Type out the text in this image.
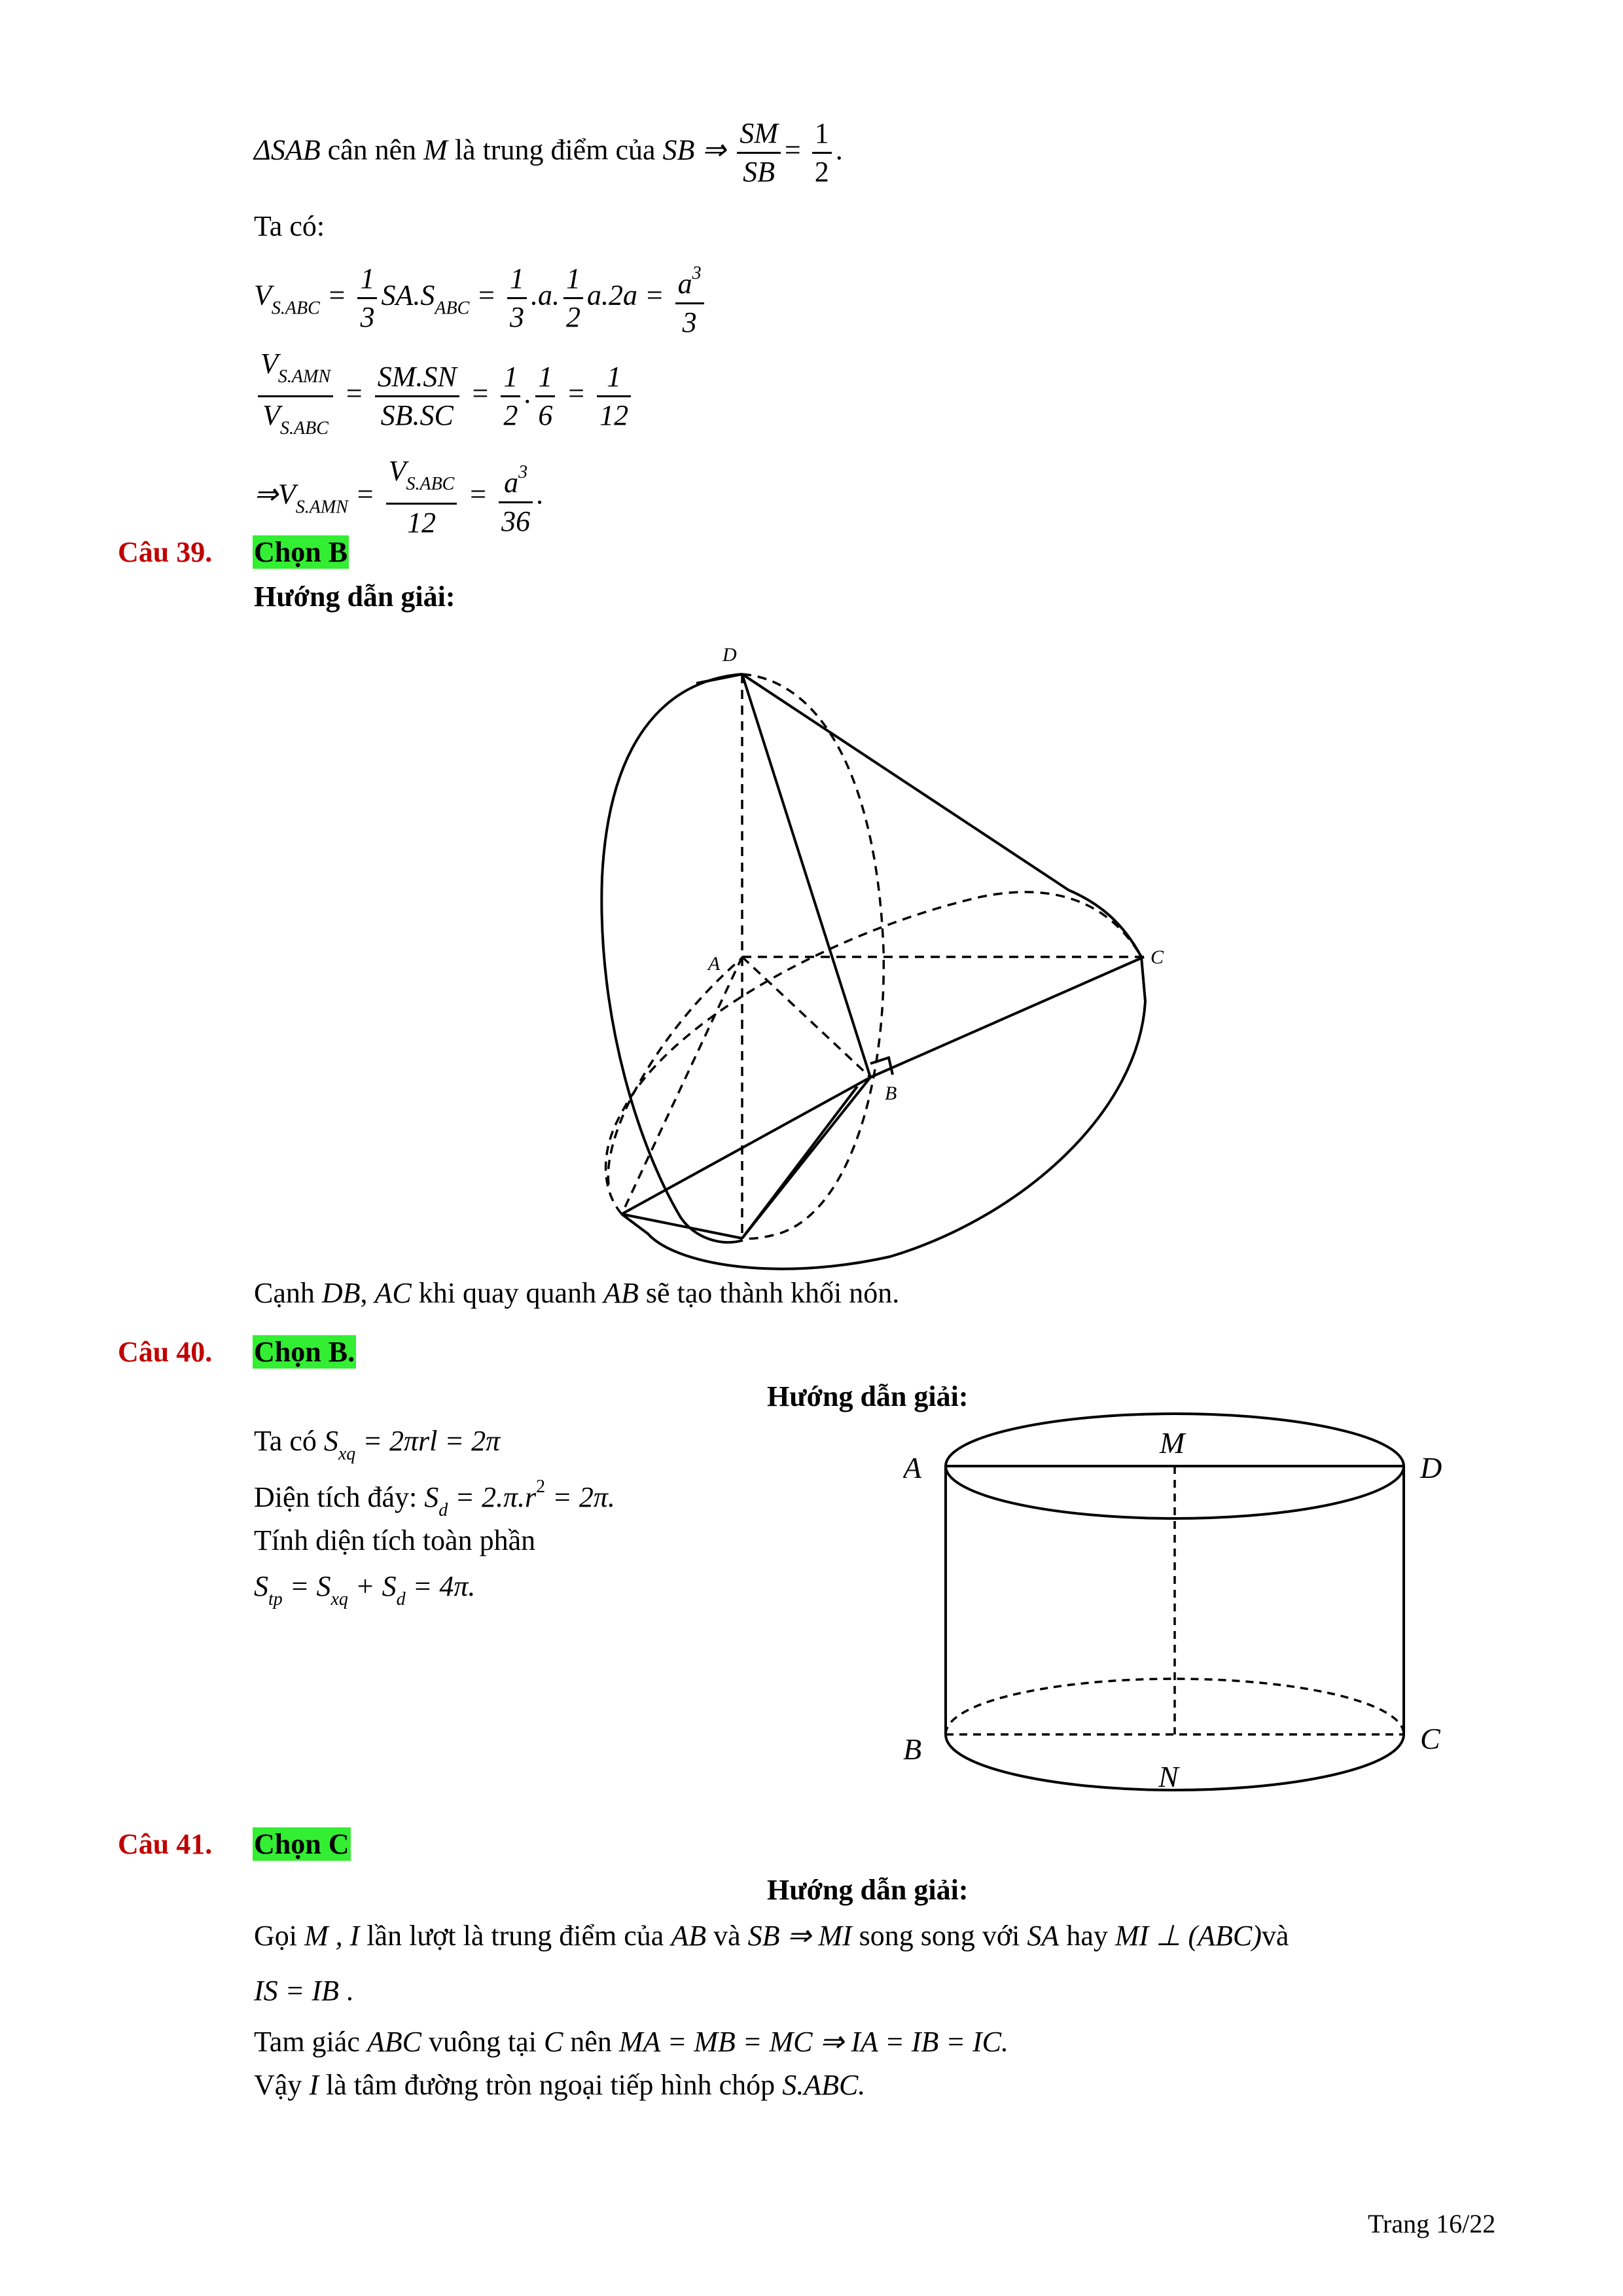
ΔSAB cân nên M là trung điểm của SB ⇒ $\frac{SM}{SB} = \frac{1}{2}$ .
Ta có:
$V_{S.ABC} = \frac{1}{3} SA.S_{ABC} = \frac{1}{3} .a$. $\frac{1}{2} a.2a = \frac{a^3}{3}$
$\frac{V_{S.AMN}}{V_{S.ABC}} = \frac{SM.SN}{SB.SC} = \frac{1}{2}$ . $\frac{1}{6} = \frac{1}{12}$
$\Rightarrow V_{S.AMN} = \frac{V_{S.ABC}}{12} = \frac{a^3}{36}$ .
Câu 39. Chọn B
Hướng dẫn giải:
D
A	C
B
Cạnh DB, AC khi quay quanh AB sẽ tạo thành khối nón.
Câu 40. Chọn B.
Hướng dẫn giải:
Ta có $S_{xq} = 2\pi rl = 2\pi$
Diện tích đáy: $S_d = 2.\pi.r^2 = 2\pi$.
Tính diện tích toàn phần
$S_{tp} = S_{xq} + S_d = 4\pi$.
M
A	D
B	C
N
Câu 41. Chọn C
Hướng dẫn giải:
Gọi M , I lần lượt là trung điểm của AB và SB ⇒ MI song song với SA hay MI ⊥ (ABC)và
IS = IB .
Tam giác ABC vuông tại C nên MA = MB = MC ⇒ IA = IB = IC.
Vậy I là tâm đường tròn ngoại tiếp hình chóp S.ABC.
Trang 16/22
